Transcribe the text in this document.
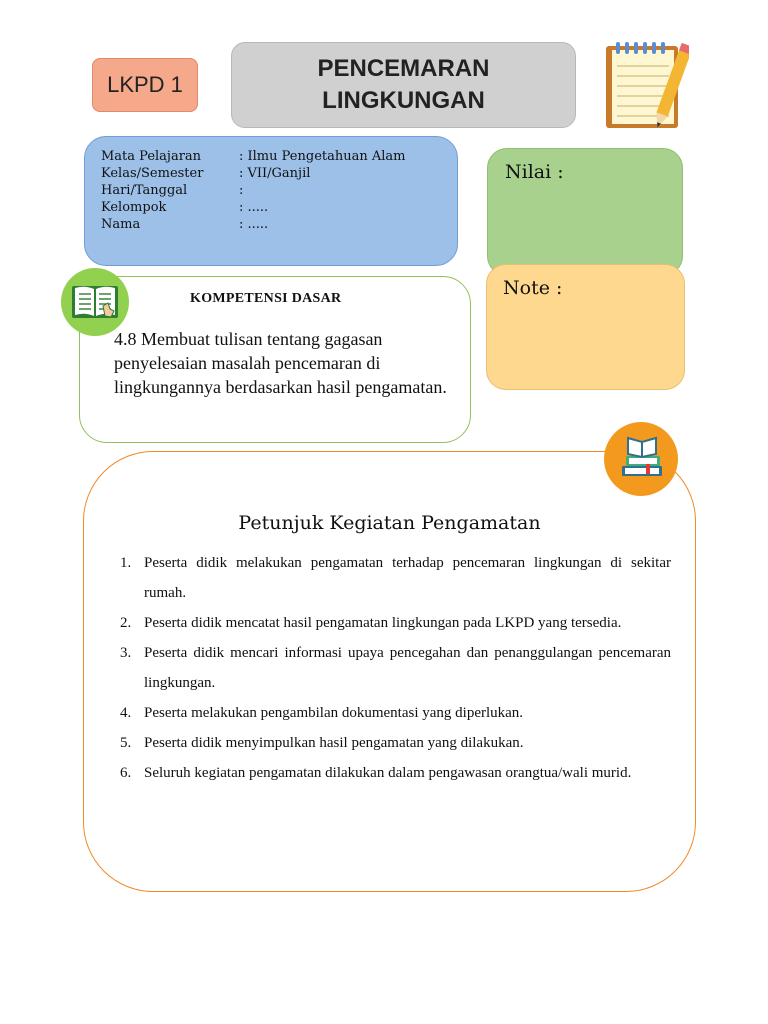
LKPD 1
PENCEMARAN LINGKUNGAN
Mata Pelajaran	: Ilmu Pengetahuan Alam
Kelas/Semester	: VII/Ganjil
Hari/Tanggal	:
Kelompok	: .....
Nama	: .....
Nilai :
Note :
KOMPETENSI DASAR
4.8 Membuat tulisan tentang gagasan penyelesaian masalah pencemaran di lingkungannya berdasarkan hasil pengamatan.
Petunjuk Kegiatan Pengamatan
1. Peserta didik melakukan pengamatan terhadap pencemaran lingkungan di sekitar rumah.
2. Peserta didik mencatat hasil pengamatan lingkungan pada LKPD yang tersedia.
3. Peserta didik mencari informasi upaya pencegahan dan penanggulangan pencemaran lingkungan.
4. Peserta melakukan pengambilan dokumentasi yang diperlukan.
5. Peserta didik menyimpulkan hasil pengamatan yang dilakukan.
6. Seluruh kegiatan pengamatan dilakukan dalam pengawasan orangtua/wali murid.
